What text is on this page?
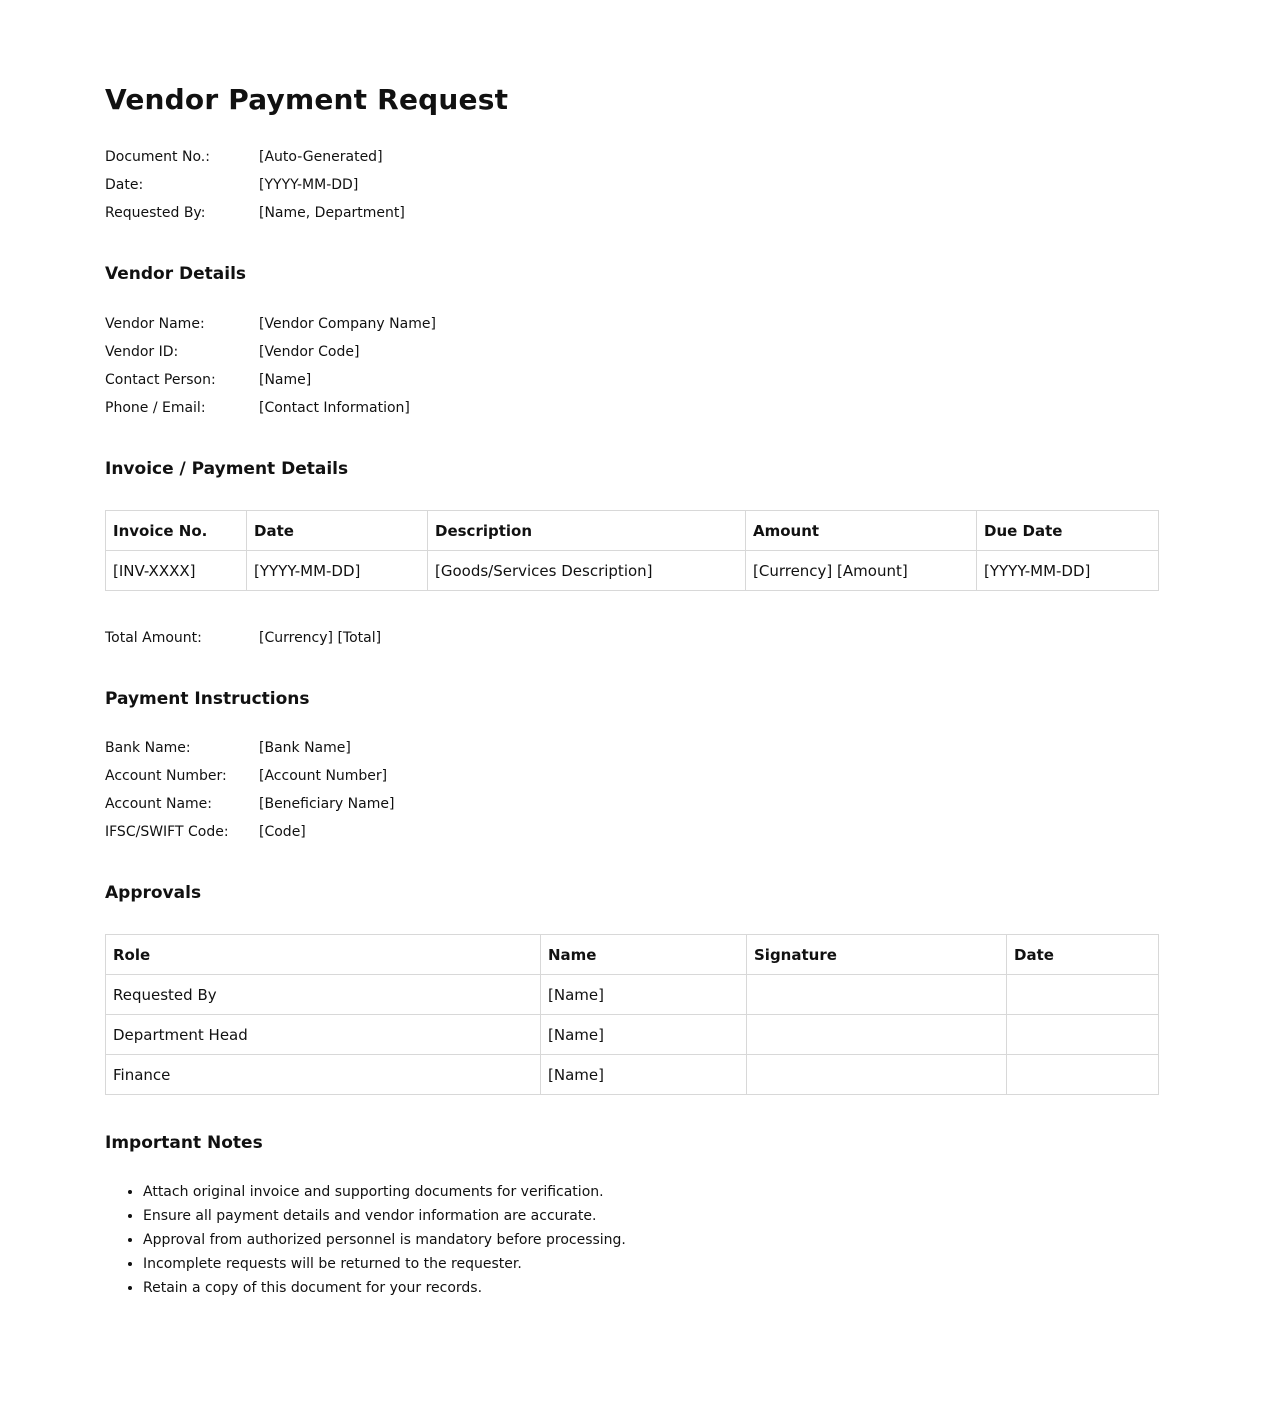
Vendor Payment Request
Document No.:	[Auto-Generated]
Date:	[YYYY-MM-DD]
Requested By:	[Name, Department]
Vendor Details
Vendor Name:	[Vendor Company Name]
Vendor ID:	[Vendor Code]
Contact Person:	[Name]
Phone / Email:	[Contact Information]
Invoice / Payment Details
Invoice No.	Date	Description	Amount	Due Date
[INV-XXXX]	[YYYY-MM-DD]	[Goods/Services Description]	[Currency] [Amount]	[YYYY-MM-DD]
Total Amount:	[Currency] [Total]
Payment Instructions
Bank Name:	[Bank Name]
Account Number:	[Account Number]
Account Name:	[Beneficiary Name]
IFSC/SWIFT Code:	[Code]
Approvals
Role	Name	Signature	Date
Requested By	[Name]		
Department Head	[Name]		
Finance	[Name]		
Important Notes
• Attach original invoice and supporting documents for verification.
• Ensure all payment details and vendor information are accurate.
• Approval from authorized personnel is mandatory before processing.
• Incomplete requests will be returned to the requester.
• Retain a copy of this document for your records.
